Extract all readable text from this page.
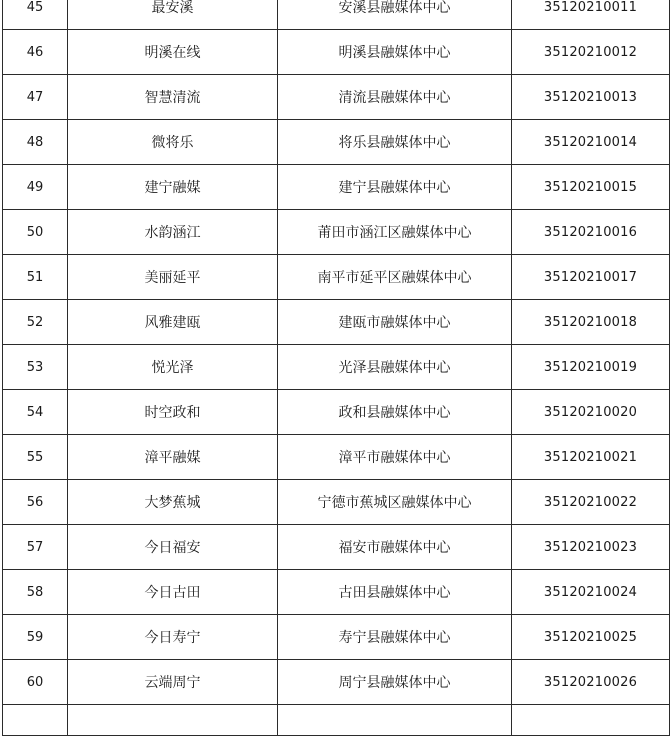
45	最安溪	安溪县融媒体中心	35120210011
46	明溪在线	明溪县融媒体中心	35120210012
47	智慧清流	清流县融媒体中心	35120210013
48	微将乐	将乐县融媒体中心	35120210014
49	建宁融媒	建宁县融媒体中心	35120210015
50	水韵涵江	莆田市涵江区融媒体中心	35120210016
51	美丽延平	南平市延平区融媒体中心	35120210017
52	风雅建瓯	建瓯市融媒体中心	35120210018
53	悦光泽	光泽县融媒体中心	35120210019
54	时空政和	政和县融媒体中心	35120210020
55	漳平融媒	漳平市融媒体中心	35120210021
56	大梦蕉城	宁德市蕉城区融媒体中心	35120210022
57	今日福安	福安市融媒体中心	35120210023
58	今日古田	古田县融媒体中心	35120210024
59	今日寿宁	寿宁县融媒体中心	35120210025
60	云端周宁	周宁县融媒体中心	35120210026
